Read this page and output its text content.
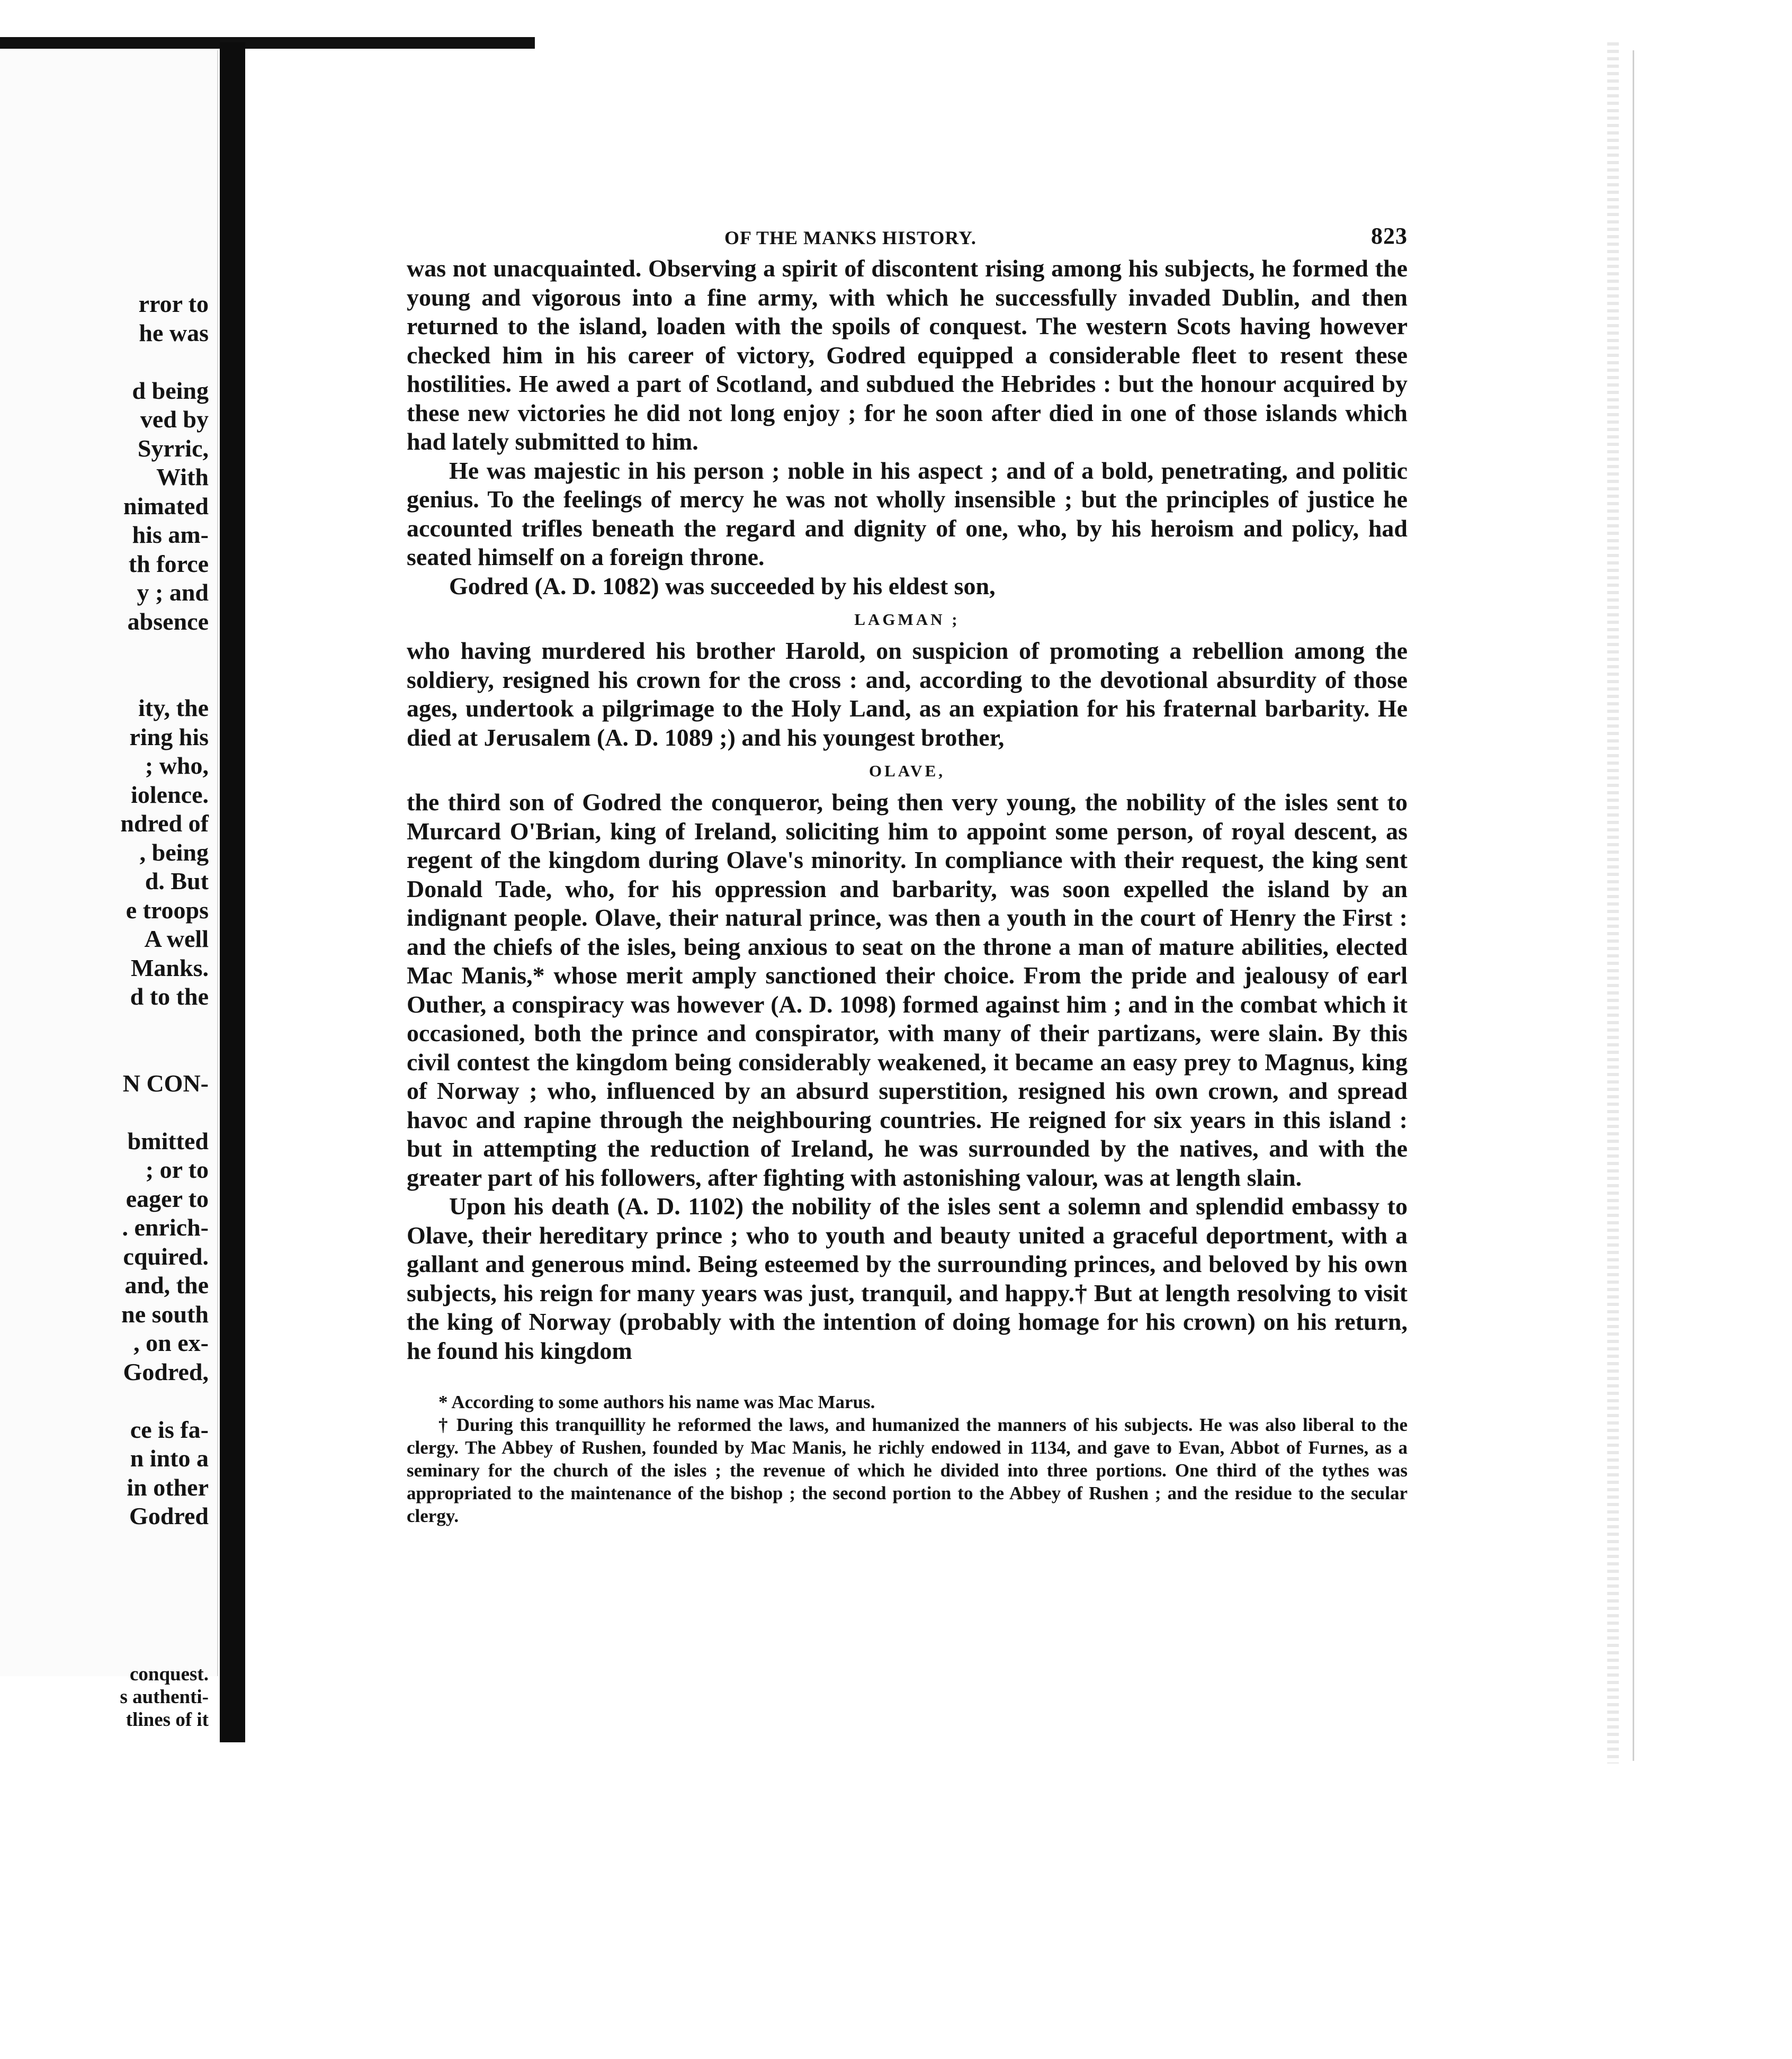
rror to
he was

d being
ved by
Syrric,
With
nimated
his am-
th force
y ; and
absence

ity, the
ring his
; who,
iolence.
ndred of
, being
d. But
e troops
A well
Manks.
d to the

N CON-

bmitted
; or to
eager to
. enrich-
cquired.
and, the
ne south
, on ex-
Godred,

ce is fa-
n into a
in other
Godred
conquest.
s authenti-
tlines of it
OF THE MANKS HISTORY.	823

was not unacquainted. Observing a spirit of discontent rising among his subjects, he formed the young and vigorous into a fine army, with which he successfully invaded Dublin, and then returned to the island, loaden with the spoils of conquest. The western Scots having however checked him in his career of victory, Godred equipped a considerable fleet to resent these hostilities. He awed a part of Scotland, and subdued the Hebrides : but the honour acquired by these new victories he did not long enjoy ; for he soon after died in one of those islands which had lately submitted to him.

He was majestic in his person ; noble in his aspect ; and of a bold, penetrating, and politic genius. To the feelings of mercy he was not wholly insensible ; but the principles of justice he accounted trifles beneath the regard and dignity of one, who, by his heroism and policy, had seated himself on a foreign throne.

Godred (A. D. 1082) was succeeded by his eldest son,

LAGMAN ;

who having murdered his brother Harold, on suspicion of promoting a rebellion among the soldiery, resigned his crown for the cross : and, according to the devotional absurdity of those ages, undertook a pilgrimage to the Holy Land, as an expiation for his fraternal barbarity. He died at Jerusalem (A. D. 1089 ;) and his youngest brother,

OLAVE,

the third son of Godred the conqueror, being then very young, the nobility of the isles sent to Murcard O'Brian, king of Ireland, soliciting him to appoint some person, of royal descent, as regent of the kingdom during Olave's minority. In compliance with their request, the king sent Donald Tade, who, for his oppression and barbarity, was soon expelled the island by an indignant people. Olave, their natural prince, was then a youth in the court of Henry the First : and the chiefs of the isles, being anxious to seat on the throne a man of mature abilities, elected Mac Manis,* whose merit amply sanctioned their choice. From the pride and jealousy of earl Outher, a conspiracy was however (A. D. 1098) formed against him ; and in the combat which it occasioned, both the prince and conspirator, with many of their partizans, were slain. By this civil contest the kingdom being considerably weakened, it became an easy prey to Magnus, king of Norway ; who, influenced by an absurd superstition, resigned his own crown, and spread havoc and rapine through the neighbouring countries. He reigned for six years in this island : but in attempting the reduction of Ireland, he was surrounded by the natives, and with the greater part of his followers, after fighting with astonishing valour, was at length slain.

Upon his death (A. D. 1102) the nobility of the isles sent a solemn and splendid embassy to Olave, their hereditary prince ; who to youth and beauty united a graceful deportment, with a gallant and generous mind. Being esteemed by the surrounding princes, and beloved by his own subjects, his reign for many years was just, tranquil, and happy.† But at length resolving to visit the king of Norway (probably with the intention of doing homage for his crown) on his return, he found his kingdom

* According to some authors his name was Mac Marus.

† During this tranquillity he reformed the laws, and humanized the manners of his subjects. He was also liberal to the clergy. The Abbey of Rushen, founded by Mac Manis, he richly endowed in 1134, and gave to Evan, Abbot of Furnes, as a seminary for the church of the isles ; the revenue of which he divided into three portions. One third of the tythes was appropriated to the maintenance of the bishop ; the second portion to the Abbey of Rushen ; and the residue to the secular clergy.
